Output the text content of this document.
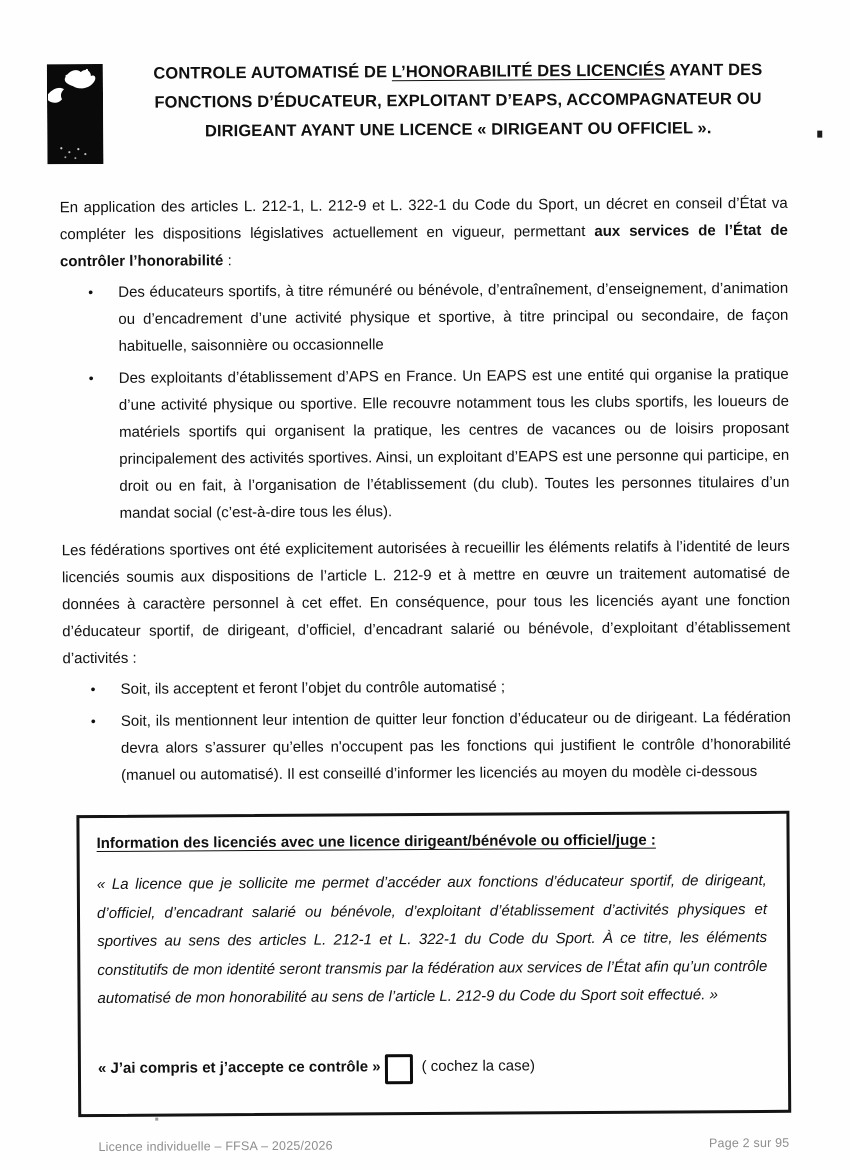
CONTROLE AUTOMATISÉ DE L’HONORABILITÉ DES LICENCIÉS AYANT DES
FONCTIONS D’ÉDUCATEUR, EXPLOITANT D’EAPS, ACCOMPAGNATEUR OU
DIRIGEANT AYANT UNE LICENCE « DIRIGEANT OU OFFICIEL ».

En application des articles L. 212-1, L. 212-9 et L. 322-1 du Code du Sport, un décret en conseil d’État va compléter les dispositions législatives actuellement en vigueur, permettant aux services de l’État de contrôler l’honorabilité :

• Des éducateurs sportifs, à titre rémunéré ou bénévole, d’entraînement, d’enseignement, d’animation ou d’encadrement d’une activité physique et sportive, à titre principal ou secondaire, de façon habituelle, saisonnière ou occasionnelle
• Des exploitants d’établissement d’APS en France. Un EAPS est une entité qui organise la pratique d’une activité physique ou sportive. Elle recouvre notamment tous les clubs sportifs, les loueurs de matériels sportifs qui organisent la pratique, les centres de vacances ou de loisirs proposant principalement des activités sportives. Ainsi, un exploitant d’EAPS est une personne qui participe, en droit ou en fait, à l’organisation de l’établissement (du club). Toutes les personnes titulaires d’un mandat social (c’est-à-dire tous les élus).

Les fédérations sportives ont été explicitement autorisées à recueillir les éléments relatifs à l’identité de leurs licenciés soumis aux dispositions de l’article L. 212-9 et à mettre en œuvre un traitement automatisé de données à caractère personnel à cet effet. En conséquence, pour tous les licenciés ayant une fonction d’éducateur sportif, de dirigeant, d’officiel, d’encadrant salarié ou bénévole, d’exploitant d’établissement d’activités :

• Soit, ils acceptent et feront l’objet du contrôle automatisé ;
• Soit, ils mentionnent leur intention de quitter leur fonction d’éducateur ou de dirigeant. La fédération devra alors s’assurer qu’elles n'occupent pas les fonctions qui justifient le contrôle d’honorabilité (manuel ou automatisé). Il est conseillé d’informer les licenciés au moyen du modèle ci-dessous
Information des licenciés avec une licence dirigeant/bénévole ou officiel/juge :

« La licence que je sollicite me permet d’accéder aux fonctions d’éducateur sportif, de dirigeant, d’officiel, d’encadrant salarié ou bénévole, d’exploitant d’établissement d’activités physiques et sportives au sens des articles L. 212-1 et L. 322-1 du Code du Sport. À ce titre, les éléments constitutifs de mon identité seront transmis par la fédération aux services de l’État afin qu’un contrôle automatisé de mon honorabilité au sens de l’article L. 212-9 du Code du Sport soit effectué. »

« J’ai compris et j’accepte ce contrôle »	( cochez la case)
Licence individuelle – FFSA – 2025/2026	Page 2 sur 95
